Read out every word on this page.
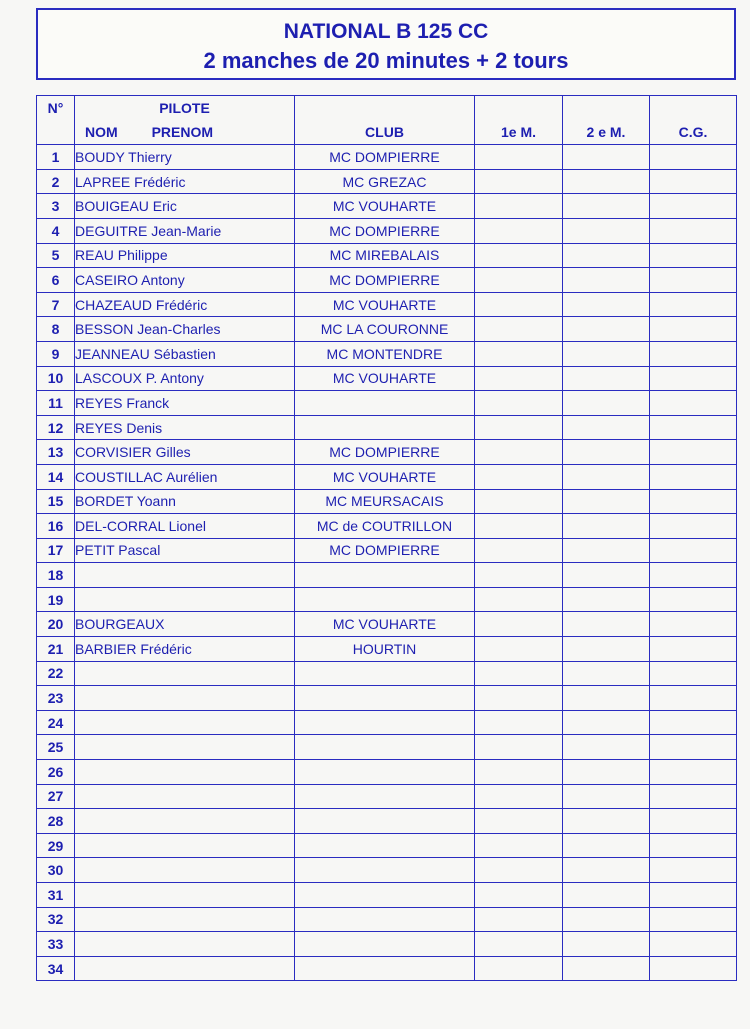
NATIONAL B 125 CC
2 manches de 20 minutes + 2 tours
N°	PILOTE				
	NOM PRENOM	CLUB	1e M.	2 e M.	C.G.
1	BOUDY Thierry	MC DOMPIERRE			
2	LAPREE Frédéric	MC GREZAC			
3	BOUIGEAU Eric	MC VOUHARTE			
4	DEGUITRE Jean-Marie	MC DOMPIERRE			
5	REAU Philippe	MC MIREBALAIS			
6	CASEIRO Antony	MC DOMPIERRE			
7	CHAZEAUD Frédéric	MC VOUHARTE			
8	BESSON Jean-Charles	MC LA COURONNE			
9	JEANNEAU Sébastien	MC MONTENDRE			
10	LASCOUX P. Antony	MC VOUHARTE			
11	REYES Franck				
12	REYES Denis				
13	CORVISIER Gilles	MC DOMPIERRE			
14	COUSTILLAC Aurélien	MC VOUHARTE			
15	BORDET Yoann	MC MEURSACAIS			
16	DEL-CORRAL Lionel	MC de COUTRILLON			
17	PETIT Pascal	MC DOMPIERRE			
18					
19					
20	BOURGEAUX	MC VOUHARTE			
21	BARBIER Frédéric	HOURTIN			
22					
23					
24					
25					
26					
27					
28					
29					
30					
31					
32					
33					
34					
